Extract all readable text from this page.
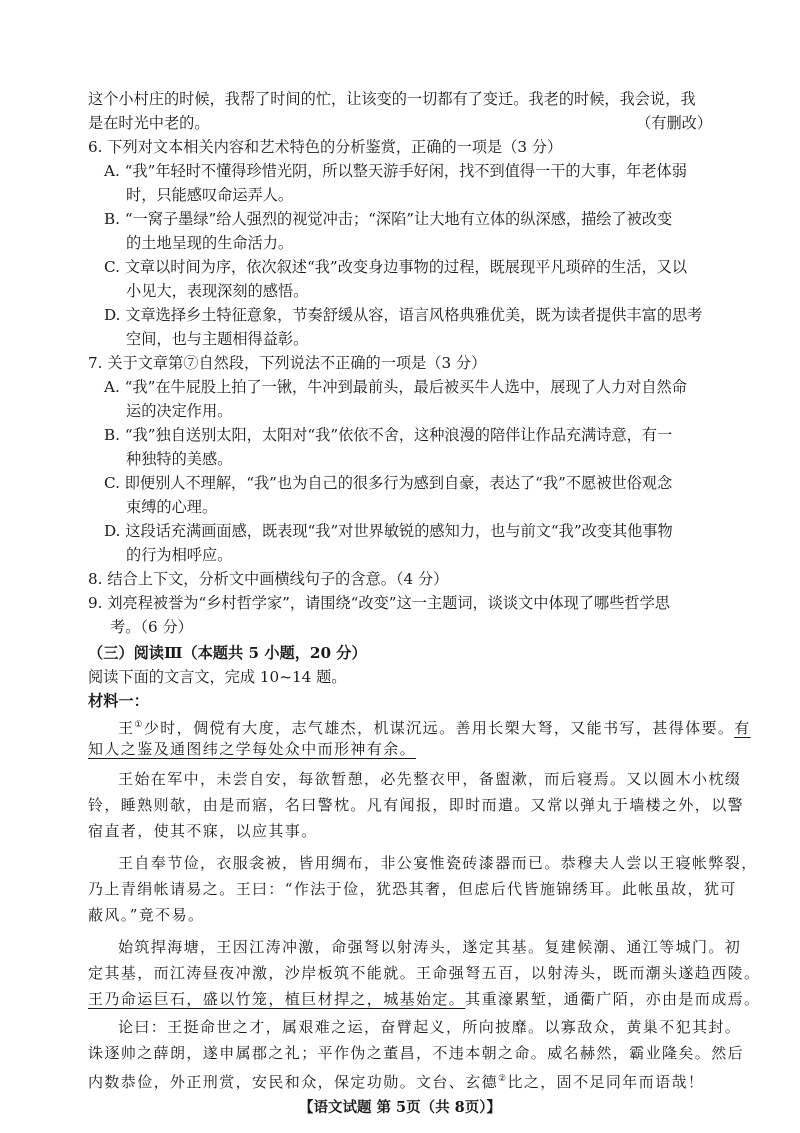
这个小村庄的时候，我帮了时间的忙，让该变的一切都有了变迁。我老的时候，我会说，我
是在时光中老的。	（有删改）
6. 下列对文本相关内容和艺术特色的分析鉴赏，正确的一项是（3 分）
A. “我”年轻时不懂得珍惜光阴，所以整天游手好闲，找不到值得一干的大事，年老体弱
时，只能感叹命运弄人。
B. “一窝子墨绿”给人强烈的视觉冲击；“深陷”让大地有立体的纵深感，描绘了被改变
的土地呈现的生命活力。
C. 文章以时间为序，依次叙述“我”改变身边事物的过程，既展现平凡琐碎的生活，又以
小见大，表现深刻的感悟。
D. 文章选择乡土特征意象，节奏舒缓从容，语言风格典雅优美，既为读者提供丰富的思考
空间，也与主题相得益彰。
7. 关于文章第⑦自然段，下列说法不正确的一项是（3 分）
A. “我”在牛屁股上拍了一锹，牛冲到最前头，最后被买牛人选中，展现了人力对自然命
运的决定作用。
B. “我”独自送别太阳，太阳对“我”依依不舍，这种浪漫的陪伴让作品充满诗意，有一
种独特的美感。
C. 即便别人不理解，“我”也为自己的很多行为感到自豪，表达了“我”不愿被世俗观念
束缚的心理。
D. 这段话充满画面感，既表现“我”对世界敏锐的感知力，也与前文“我”改变其他事物
的行为相呼应。
8. 结合上下文，分析文中画横线句子的含意。（4 分）
9. 刘亮程被誉为“乡村哲学家”，请围绕“改变”这一主题词，谈谈文中体现了哪些哲学思
考。（6 分）
（三）阅读Ⅲ（本题共 5 小题，20 分）
阅读下面的文言文，完成 10~14 题。
材料一：
王①少时，倜傥有大度，志气雄杰，机谋沉远。善用长槊大弩，又能书写，甚得体要。有
知人之鉴及通图纬之学每处众中而形神有余。
王始在军中，未尝自安，每欲暂憩，必先整衣甲，备盥漱，而后寝焉。又以圆木小枕缀
铃，睡熟则欹，由是而寤，名曰警枕。凡有闻报，即时而遣。又常以弹丸于墙楼之外，以警
宿直者，使其不寐，以应其事。
王自奉节俭，衣服衾被，皆用绸布，非公宴惟瓷砖漆器而已。恭穆夫人尝以王寝帐弊裂，
乃上青绢帐请易之。王曰：“作法于俭，犹恐其奢，但虑后代皆施锦绣耳。此帐虽故，犹可
蔽风。”竟不易。
始筑捍海塘，王因江涛冲激，命强弩以射涛头，遂定其基。复建候潮、通江等城门。初
定其基，而江涛昼夜冲激，沙岸板筑不能就。王命强弩五百，以射涛头，既而潮头遂趋西陵。
王乃命运巨石，盛以竹笼，植巨材捍之，城基始定。其重濠累堑，通衢广陌，亦由是而成焉。
论曰：王挺命世之才，属艰难之运，奋臂起义，所向披靡。以寡敌众，黄巢不犯其封。
诛逐帅之薛朗，遂申属郡之礼；平作伪之董昌，不违本朝之命。威名赫然，霸业隆矣。然后
内数恭俭，外正刑赏，安民和众，保定功勋。文台、玄德②比之，固不足同年而语哉！
【语文试题 第 5页（共 8页）】
